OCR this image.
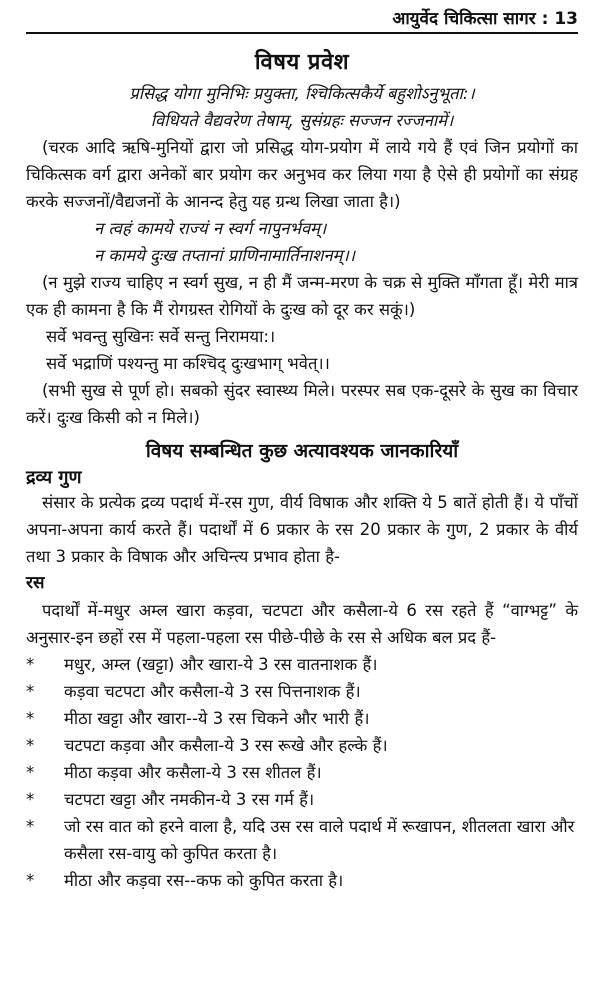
आयुर्वेद चिकित्सा सागर : 13
विषय प्रवेश
प्रसिद्ध योगा मुनिभिः प्रयुक्ता, श्चिकित्सकैर्ये बहुशोऽनुभूता:।
विधियते वैद्यवरेण तेषाम्, सुसंग्रहः सज्जन रज्जनामें।
(चरक आदि ऋषि-मुनियों द्वारा जो प्रसिद्ध योग-प्रयोग में लाये गये हैं एवं जिन प्रयोगों का चिकित्सक वर्ग द्वारा अनेकों बार प्रयोग कर अनुभव कर लिया गया है ऐसे ही प्रयोगों का संग्रह करके सज्जनों/वैद्यजनों के आनन्द हेतु यह ग्रन्थ लिखा जाता है।)
न त्वहं कामये राज्यं न स्वर्ग नापुनर्भवम्।
न कामये दुःख तप्तानां प्राणिनामार्तिनाशनम्।।
(न मुझे राज्य चाहिए न स्वर्ग सुख, न ही मैं जन्म-मरण के चक्र से मुक्ति माँगता हूँ। मेरी मात्र एक ही कामना है कि मैं रोगग्रस्त रोगियों के दुःख को दूर कर सकूं।)
सर्वे भवन्तु सुखिनः सर्वे सन्तु निरामया:।
सर्वे भद्राणिं पश्यन्तु मा कश्चिद् दुःखभाग् भवेत्।।
(सभी सुख से पूर्ण हो। सबको सुंदर स्वास्थ्य मिले। परस्पर सब एक-दूसरे के सुख का विचार करें। दुःख किसी को न मिले।)
विषय सम्बन्धित कुछ अत्यावश्यक जानकारियाँ
द्रव्य गुण
संसार के प्रत्येक द्रव्य पदार्थ में-रस गुण, वीर्य विषाक और शक्ति ये 5 बातें होती हैं। ये पाँचों अपना-अपना कार्य करते हैं। पदार्थों में 6 प्रकार के रस 20 प्रकार के गुण, 2 प्रकार के वीर्य तथा 3 प्रकार के विषाक और अचिन्त्य प्रभाव होता है-
रस
पदार्थों में-मधुर अम्ल खारा कड़वा, चटपटा और कसैला-ये 6 रस रहते हैं “वाग्भट्ट” के अनुसार-इन छहों रस में पहला-पहला रस पीछे-पीछे के रस से अधिक बल प्रद हैं-
* मधुर, अम्ल (खट्टा) और खारा-ये 3 रस वातनाशक हैं।
* कड़वा चटपटा और कसैला-ये 3 रस पित्तनाशक हैं।
* मीठा खट्टा और खारा--ये 3 रस चिकने और भारी हैं।
* चटपटा कड़वा और कसैला-ये 3 रस रूखे और हल्के हैं।
* मीठा कड़वा और कसैला-ये 3 रस शीतल हैं।
* चटपटा खट्टा और नमकीन-ये 3 रस गर्म हैं।
* जो रस वात को हरने वाला है, यदि उस रस वाले पदार्थ में रूखापन, शीतलता खारा और कसैला रस-वायु को कुपित करता है।
* मीठा और कड़वा रस--कफ को कुपित करता है।
